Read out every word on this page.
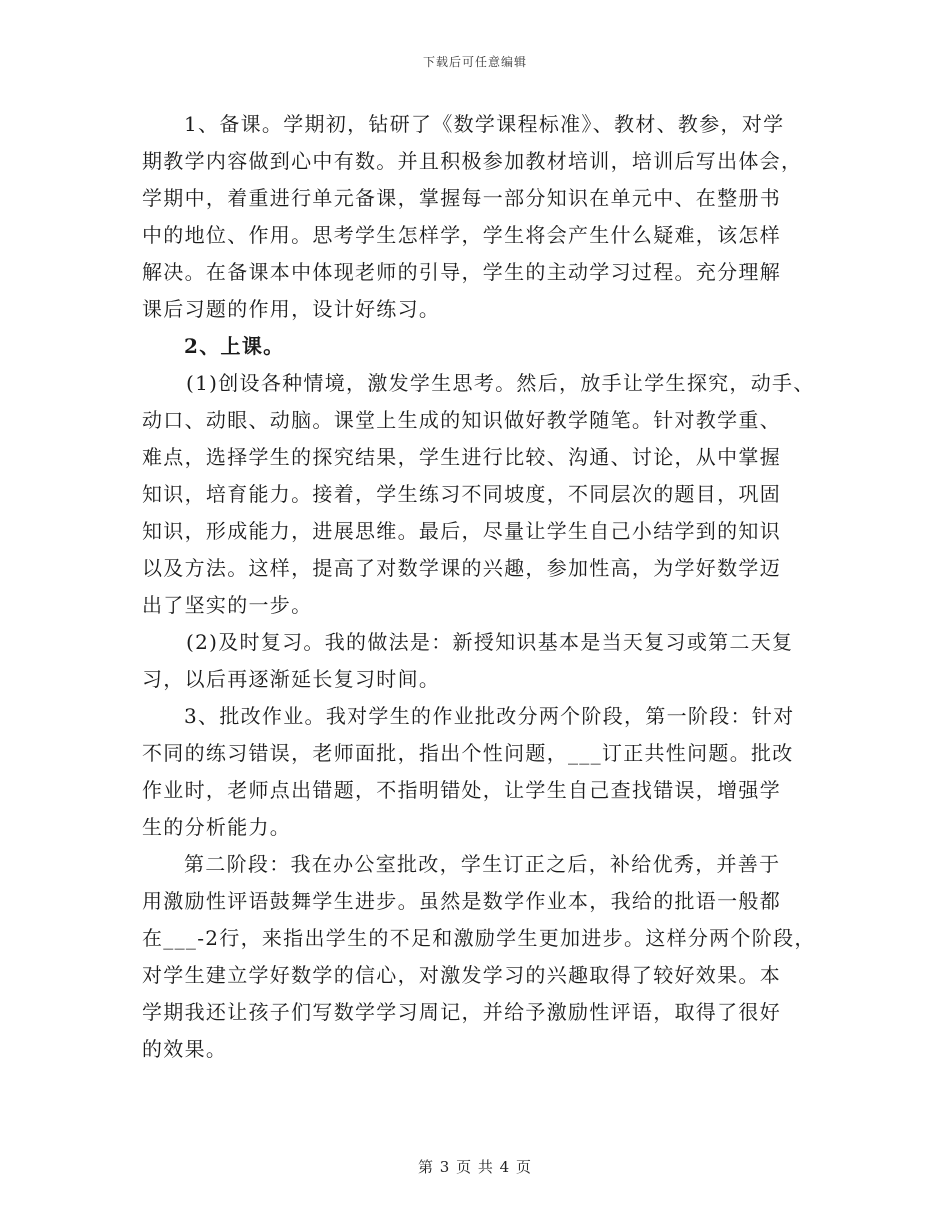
下载后可任意编辑
1、备课。学期初，钻研了《数学课程标准》、教材、教参，对学
期教学内容做到心中有数。并且积极参加教材培训，培训后写出体会，
学期中，着重进行单元备课，掌握每一部分知识在单元中、在整册书
中的地位、作用。思考学生怎样学，学生将会产生什么疑难，该怎样
解决。在备课本中体现老师的引导，学生的主动学习过程。充分理解
课后习题的作用，设计好练习。
2、上课。
(1)创设各种情境，激发学生思考。然后，放手让学生探究，动手、
动口、动眼、动脑。课堂上生成的知识做好教学随笔。针对教学重、
难点，选择学生的探究结果，学生进行比较、沟通、讨论，从中掌握
知识，培育能力。接着，学生练习不同坡度，不同层次的题目，巩固
知识，形成能力，进展思维。最后，尽量让学生自己小结学到的知识
以及方法。这样，提高了对数学课的兴趣，参加性高，为学好数学迈
出了坚实的一步。
(2)及时复习。我的做法是：新授知识基本是当天复习或第二天复
习，以后再逐渐延长复习时间。
3、批改作业。我对学生的作业批改分两个阶段，第一阶段：针对
不同的练习错误，老师面批，指出个性问题，___订正共性问题。批改
作业时，老师点出错题，不指明错处，让学生自己查找错误，增强学
生的分析能力。
第二阶段：我在办公室批改，学生订正之后，补给优秀，并善于
用激励性评语鼓舞学生进步。虽然是数学作业本，我给的批语一般都
在___-2行，来指出学生的不足和激励学生更加进步。这样分两个阶段，
对学生建立学好数学的信心，对激发学习的兴趣取得了较好效果。本
学期我还让孩子们写数学学习周记，并给予激励性评语，取得了很好
的效果。
第 3 页 共 4 页
